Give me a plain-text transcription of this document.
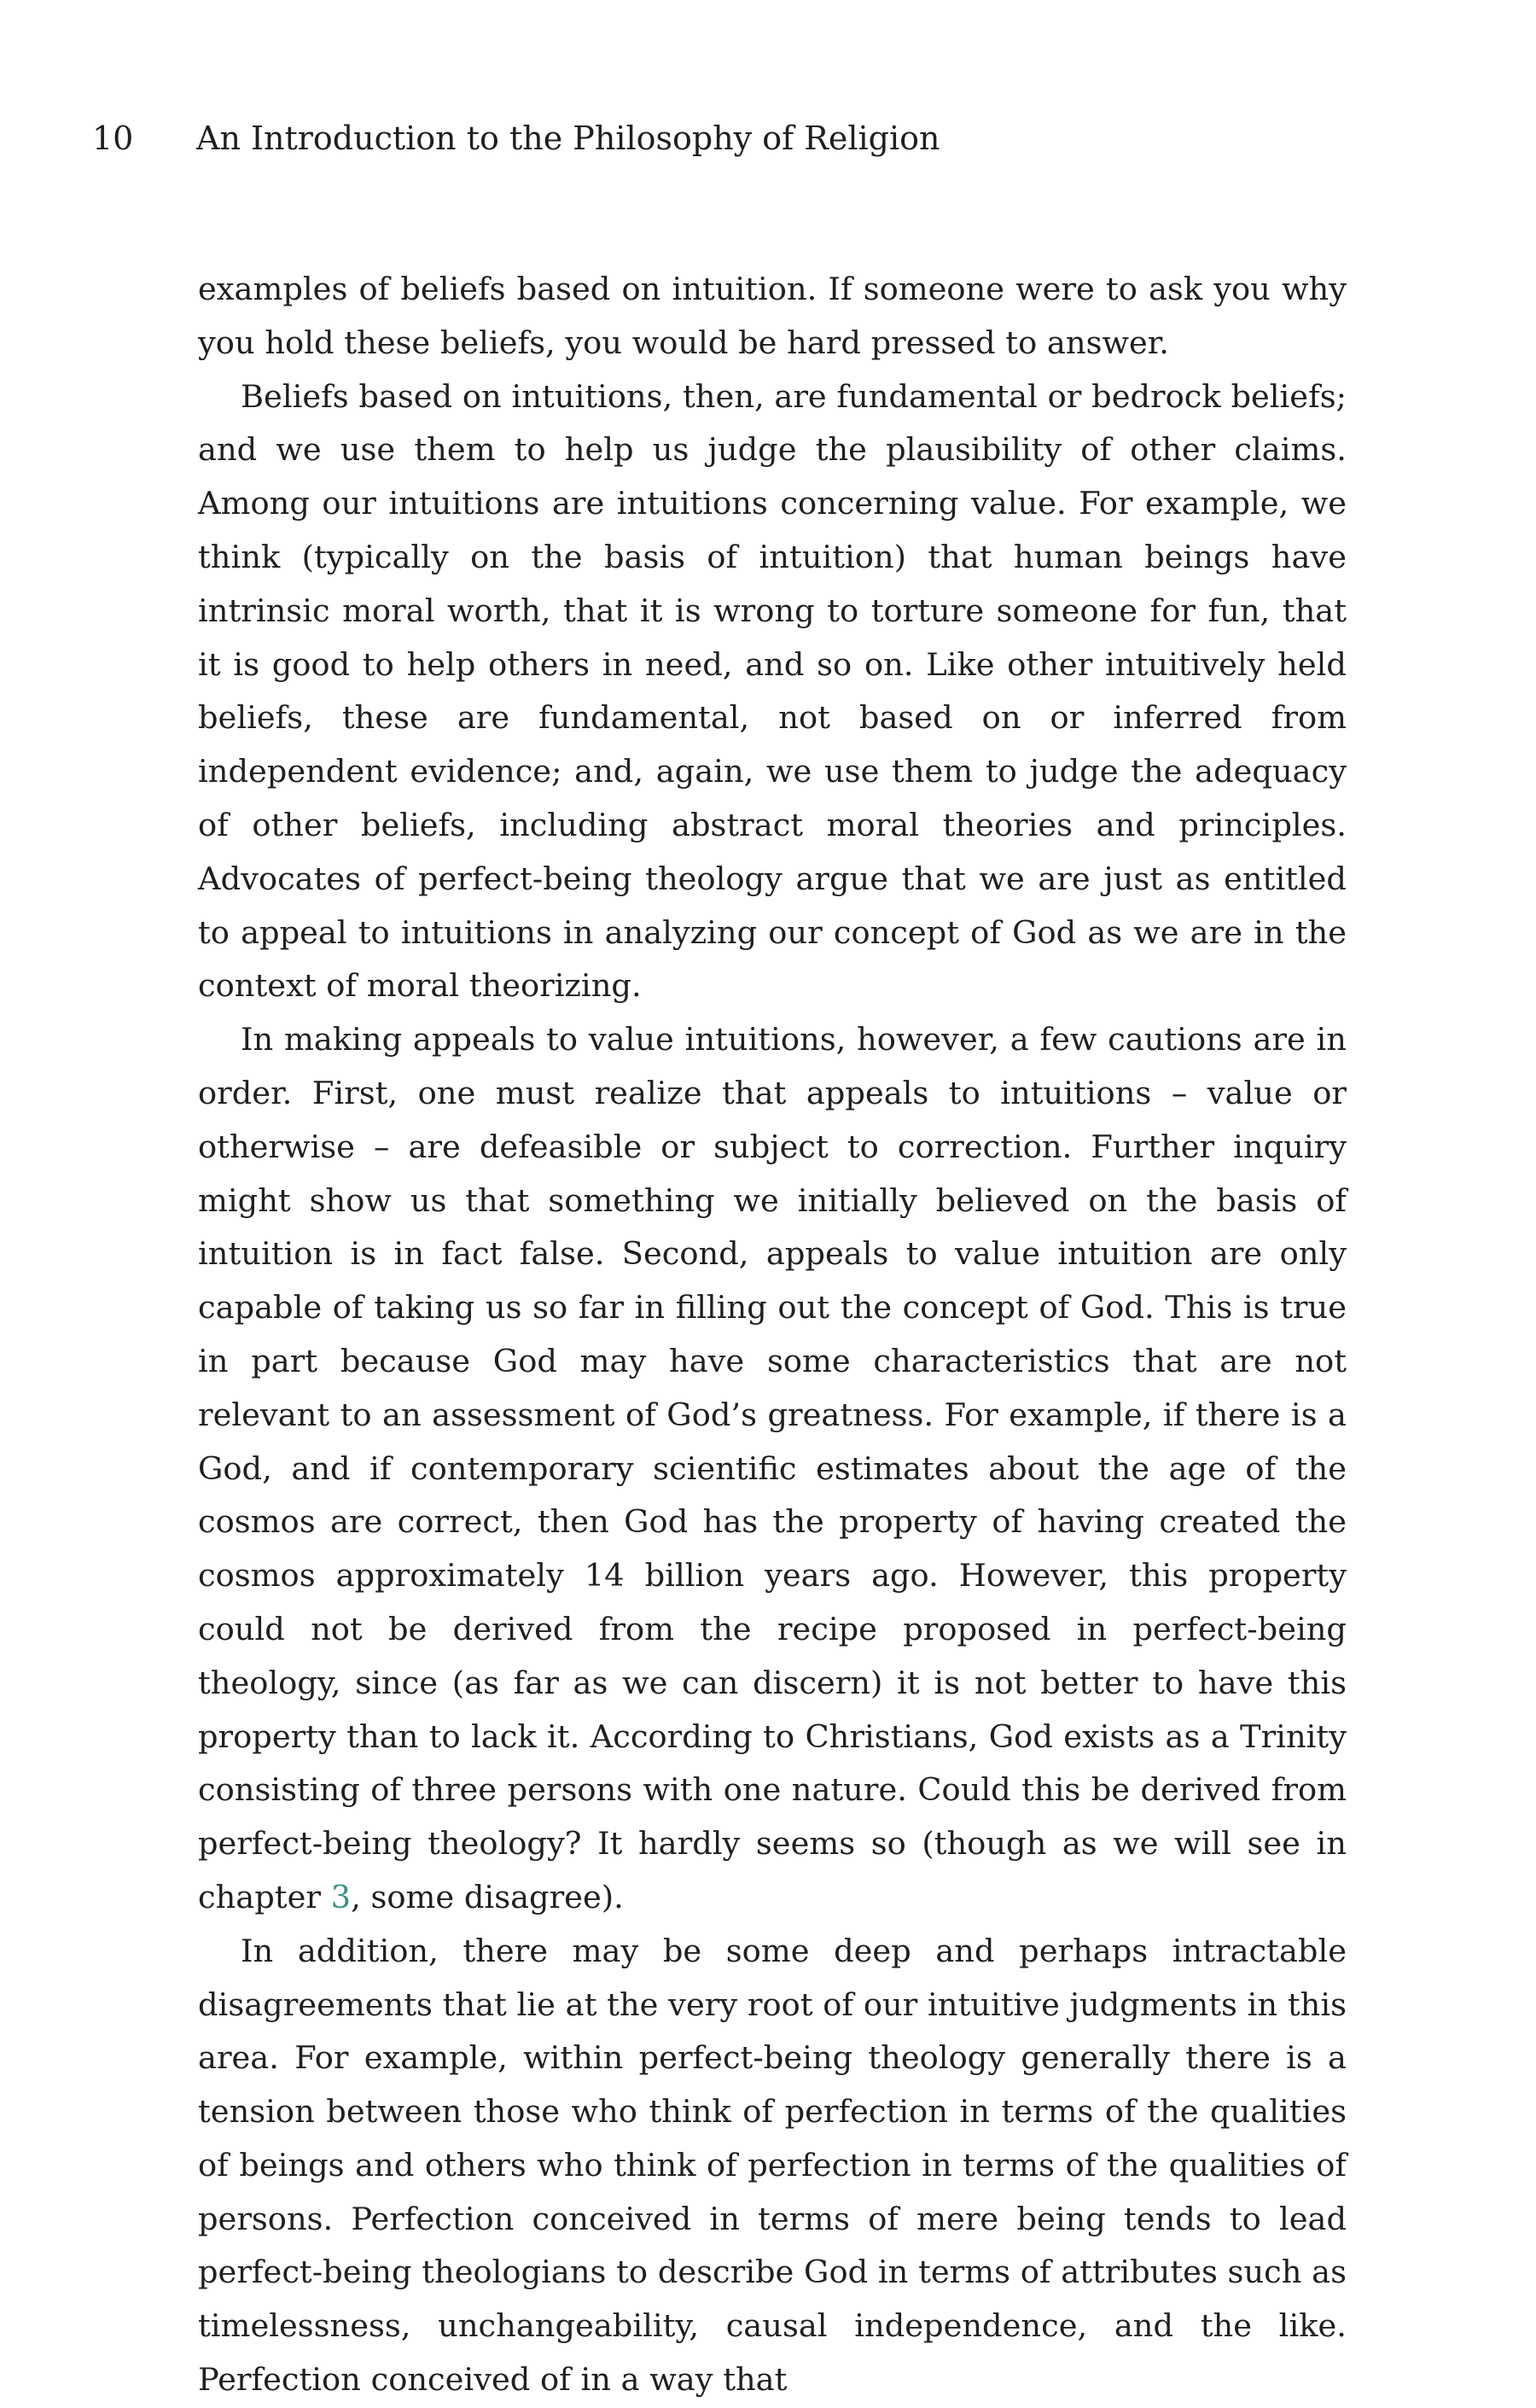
10 An Introduction to the Philosophy of Religion

examples of beliefs based on intuition. If someone were to ask you why you hold these beliefs, you would be hard pressed to answer.

Beliefs based on intuitions, then, are fundamental or bedrock beliefs; and we use them to help us judge the plausibility of other claims. Among our intuitions are intuitions concerning value. For example, we think (typically on the basis of intuition) that human beings have intrinsic moral worth, that it is wrong to torture someone for fun, that it is good to help others in need, and so on. Like other intuitively held beliefs, these are fundamental, not based on or inferred from independent evidence; and, again, we use them to judge the adequacy of other beliefs, including abstract moral theories and principles. Advocates of perfect-being theology argue that we are just as entitled to appeal to intuitions in analyzing our concept of God as we are in the context of moral theorizing.

In making appeals to value intuitions, however, a few cautions are in order. First, one must realize that appeals to intuitions – value or otherwise – are defeasible or subject to correction. Further inquiry might show us that something we initially believed on the basis of intuition is in fact false. Second, appeals to value intuition are only capable of taking us so far in filling out the concept of God. This is true in part because God may have some characteristics that are not relevant to an assessment of God’s greatness. For example, if there is a God, and if contemporary scientific estimates about the age of the cosmos are correct, then God has the property of having created the cosmos approximately 14 billion years ago. However, this property could not be derived from the recipe proposed in perfect-being theology, since (as far as we can discern) it is not better to have this property than to lack it. According to Christians, God exists as a Trinity consisting of three persons with one nature. Could this be derived from perfect-being theology? It hardly seems so (though as we will see in chapter 3, some disagree).

In addition, there may be some deep and perhaps intractable disagreements that lie at the very root of our intuitive judgments in this area. For example, within perfect-being theology generally there is a tension between those who think of perfection in terms of the qualities of beings and others who think of perfection in terms of the qualities of persons. Perfection conceived in terms of mere being tends to lead perfect-being theologians to describe God in terms of attributes such as timelessness, unchangeability, causal independence, and the like. Perfection conceived of in a way that
